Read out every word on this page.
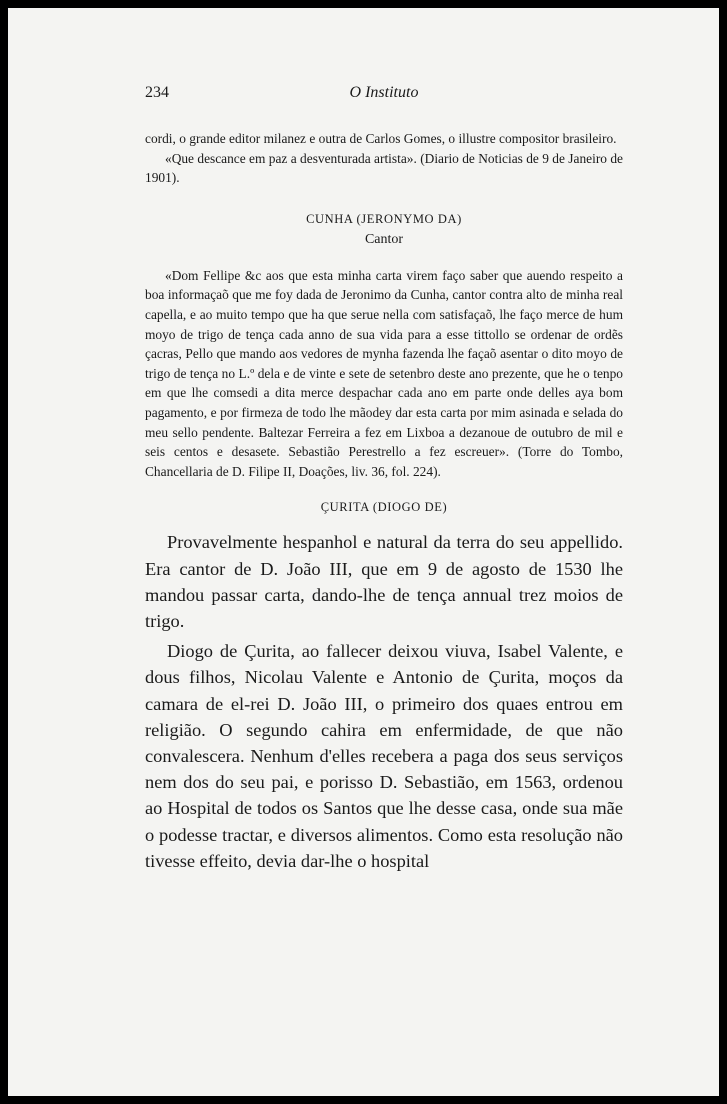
234	O Instituto

cordi, o grande editor milanez e outra de Carlos Gomes, o illustre compositor brasileiro.

«Que descance em paz a desventurada artista». (Diario de Noticias de 9 de Janeiro de 1901).

CUNHA (JERONYMO DA)
Cantor

«Dom Fellipe &c aos que esta minha carta virem faço saber que auendo respeito a boa informaçaõ que me foy dada de Jeronimo da Cunha, cantor contra alto de minha real capella, e ao muito tempo que ha que serue nella com satisfaçaõ, lhe faço merce de hum moyo de trigo de tença cada anno de sua vida para a esse tittollo se ordenar de ordẽs çacras, Pello que mando aos vedores de mynha fazenda lhe façaõ asentar o dito moyo de trigo de tença no L.º dela e de vinte e sete de setenbro deste ano prezente, que he o tenpo em que lhe comsedi a dita merce despachar cada ano em parte onde delles aya bom pagamento, e por firmeza de todo lhe mãodey dar esta carta por mim asinada e selada do meu sello pendente. Baltezar Ferreira a fez em Lixboa a dezanoue de outubro de mil e seis centos e desasete. Sebastião Perestrello a fez escreuer». (Torre do Tombo, Chancellaria de D. Filipe II, Doações, liv. 36, fol. 224).

ÇURITA (DIOGO DE)

Provavelmente hespanhol e natural da terra do seu appellido. Era cantor de D. João III, que em 9 de agosto de 1530 lhe mandou passar carta, dando-lhe de tença annual trez moios de trigo.

Diogo de Çurita, ao fallecer deixou viuva, Isabel Valente, e dous filhos, Nicolau Valente e Antonio de Çurita, moços da camara de el-rei D. João III, o primeiro dos quaes entrou em religião. O segundo cahira em enfermidade, de que não convalescera. Nenhum d'elles recebera a paga dos seus serviços nem dos do seu pai, e porisso D. Sebastião, em 1563, ordenou ao Hospital de todos os Santos que lhe desse casa, onde sua mãe o podesse tractar, e diversos alimentos. Como esta resolução não tivesse effeito, devia dar-lhe o hospital
